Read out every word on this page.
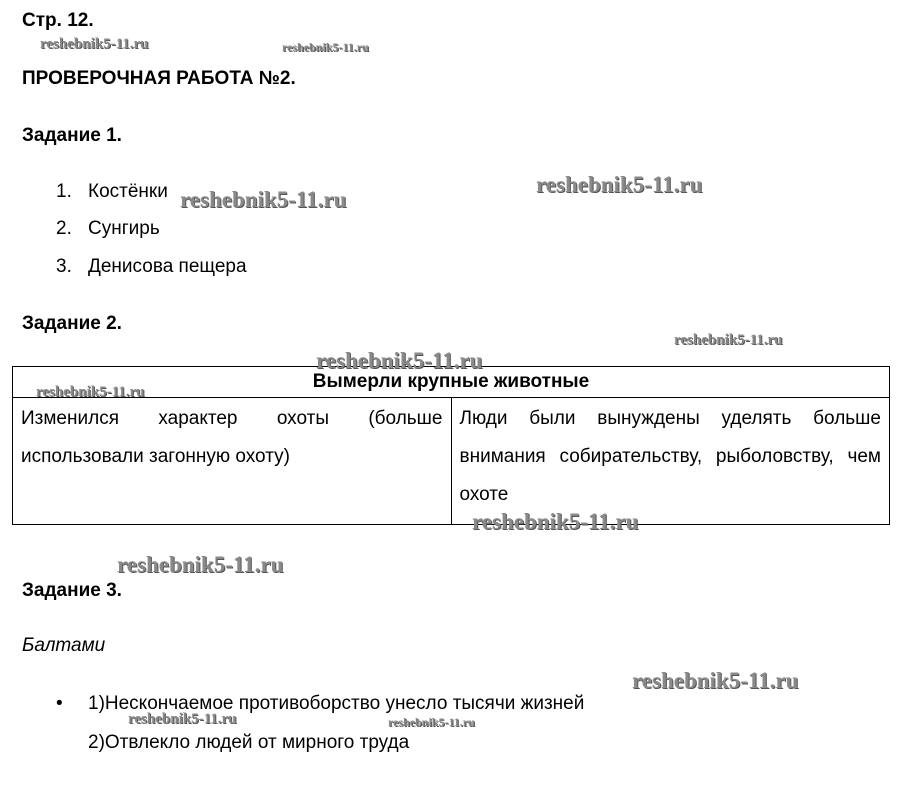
Стр. 12.
ПРОВЕРОЧНАЯ РАБОТА №2.
Задание 1.
1. Костёнки
2. Сунгирь
3. Денисова пещера
Задание 2.
Вымерли крупные животные
Изменился характер охоты (больше использовали загонную охоту)	Люди были вынуждены уделять больше внимания собирательству, рыболовству, чем охоте
Задание 3.
Балтами
• 1)Нескончаемое противоборство унесло тысячи жизней
2)Отвлекло людей от мирного труда
reshebnik5-11.ru	reshebnik5-11.ru
reshebnik5-11.ru
reshebnik5-11.ru
reshebnik5-11.ru
reshebnik5-11.ru
reshebnik5-11.ru
reshebnik5-11.ru
reshebnik5-11.ru
reshebnik5-11.ru
reshebnik5-11.ru	reshebnik5-11.ru
